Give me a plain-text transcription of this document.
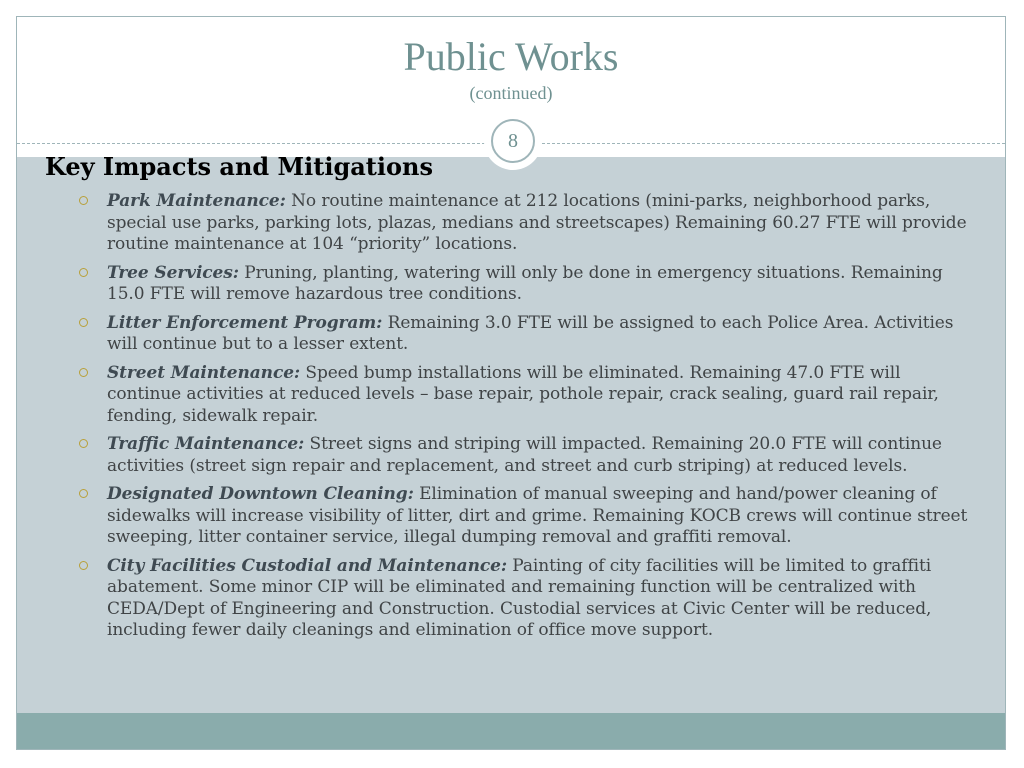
Public Works
(continued)
8
Key Impacts and Mitigations
Park Maintenance: No routine maintenance at 212 locations (mini-parks, neighborhood parks, special use parks, parking lots, plazas, medians and streetscapes) Remaining 60.27 FTE will provide routine maintenance at 104 “priority” locations.
Tree Services: Pruning, planting, watering will only be done in emergency situations. Remaining 15.0 FTE will remove hazardous tree conditions.
Litter Enforcement Program: Remaining 3.0 FTE will be assigned to each Police Area. Activities will continue but to a lesser extent.
Street Maintenance: Speed bump installations will be eliminated. Remaining 47.0 FTE will continue activities at reduced levels – base repair, pothole repair, crack sealing, guard rail repair, fending, sidewalk repair.
Traffic Maintenance: Street signs and striping will impacted. Remaining 20.0 FTE will continue activities (street sign repair and replacement, and street and curb striping) at reduced levels.
Designated Downtown Cleaning: Elimination of manual sweeping and hand/power cleaning of sidewalks will increase visibility of litter, dirt and grime. Remaining KOCB crews will continue street sweeping, litter container service, illegal dumping removal and graffiti removal.
City Facilities Custodial and Maintenance: Painting of city facilities will be limited to graffiti abatement. Some minor CIP will be eliminated and remaining function will be centralized with CEDA/Dept of Engineering and Construction. Custodial services at Civic Center will be reduced, including fewer daily cleanings and elimination of office move support.
